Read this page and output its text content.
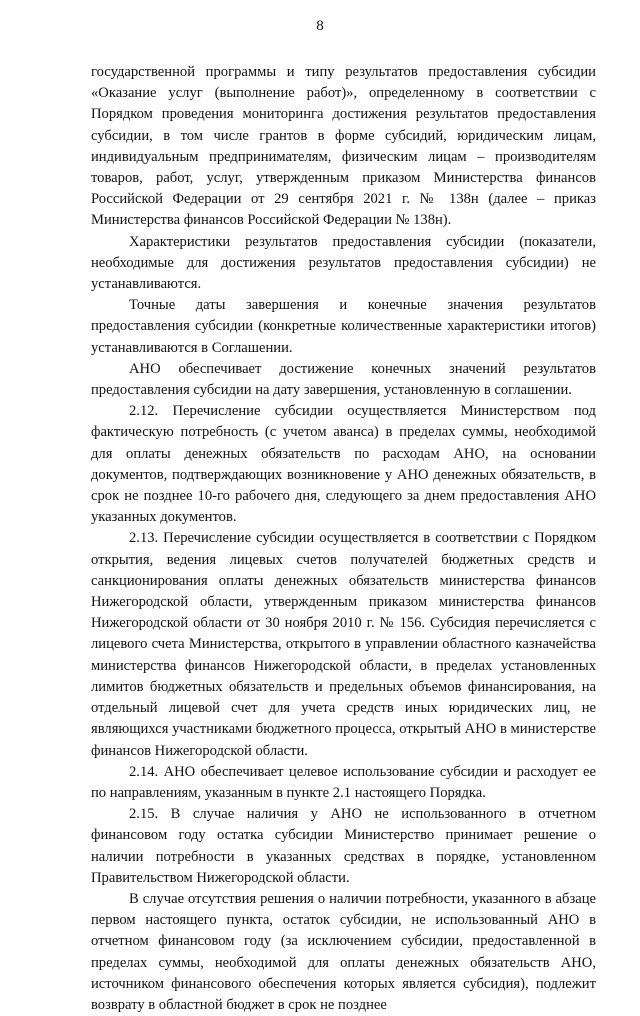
8

государственной программы и типу результатов предоставления субсидии «Оказание услуг (выполнение работ)», определенному в соответствии с Порядком проведения мониторинга достижения результатов предоставления субсидии, в том числе грантов в форме субсидий, юридическим лицам, индивидуальным предпринимателям, физическим лицам – производителям товаров, работ, услуг, утвержденным приказом Министерства финансов Российской Федерации от 29 сентября 2021 г. № 138н (далее – приказ Министерства финансов Российской Федерации № 138н).

Характеристики результатов предоставления субсидии (показатели, необходимые для достижения результатов предоставления субсидии) не устанавливаются.

Точные даты завершения и конечные значения результатов предоставления субсидии (конкретные количественные характеристики итогов) устанавливаются в Соглашении.

АНО обеспечивает достижение конечных значений результатов предоставления субсидии на дату завершения, установленную в соглашении.

2.12. Перечисление субсидии осуществляется Министерством под фактическую потребность (с учетом аванса) в пределах суммы, необходимой для оплаты денежных обязательств по расходам АНО, на основании документов, подтверждающих возникновение у АНО денежных обязательств, в срок не позднее 10-го рабочего дня, следующего за днем предоставления АНО указанных документов.

2.13. Перечисление субсидии осуществляется в соответствии с Порядком открытия, ведения лицевых счетов получателей бюджетных средств и санкционирования оплаты денежных обязательств министерства финансов Нижегородской области, утвержденным приказом министерства финансов Нижегородской области от 30 ноября 2010 г. № 156. Субсидия перечисляется с лицевого счета Министерства, открытого в управлении областного казначейства министерства финансов Нижегородской области, в пределах установленных лимитов бюджетных обязательств и предельных объемов финансирования, на отдельный лицевой счет для учета средств иных юридических лиц, не являющихся участниками бюджетного процесса, открытый АНО в министерстве финансов Нижегородской области.

2.14. АНО обеспечивает целевое использование субсидии и расходует ее по направлениям, указанным в пункте 2.1 настоящего Порядка.

2.15. В случае наличия у АНО не использованного в отчетном финансовом году остатка субсидии Министерство принимает решение о наличии потребности в указанных средствах в порядке, установленном Правительством Нижегородской области.

В случае отсутствия решения о наличии потребности, указанного в абзаце первом настоящего пункта, остаток субсидии, не использованный АНО в отчетном финансовом году (за исключением субсидии, предоставленной в пределах суммы, необходимой для оплаты денежных обязательств АНО, источником финансового обеспечения которых является субсидия), подлежит возврату в областной бюджет в срок не позднее
